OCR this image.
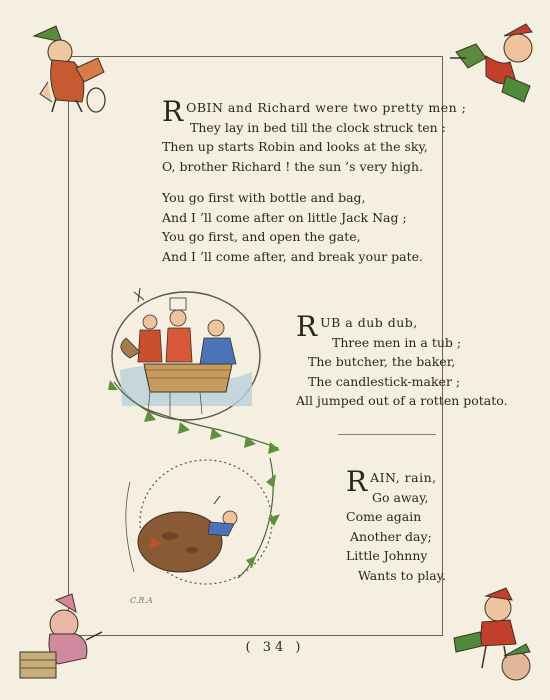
ROBIN and Richard were two pretty men ;
They lay in bed till the clock struck ten :
Then up starts Robin and looks at the sky,
O, brother Richard ! the sun ’s very high.
You go first with bottle and bag,
And I ’ll come after on little Jack Nag ;
You go first, and open the gate,
And I ’ll come after, and break your pate.
RUB a dub dub,
Three men in a tub ;
The butcher, the baker,
The candlestick-maker ;
All jumped out of a rotten potato.
C.R.A
RAIN, rain,
Go away,
Come again
Another day;
Little Johnny
Wants to play.
( 34 )
